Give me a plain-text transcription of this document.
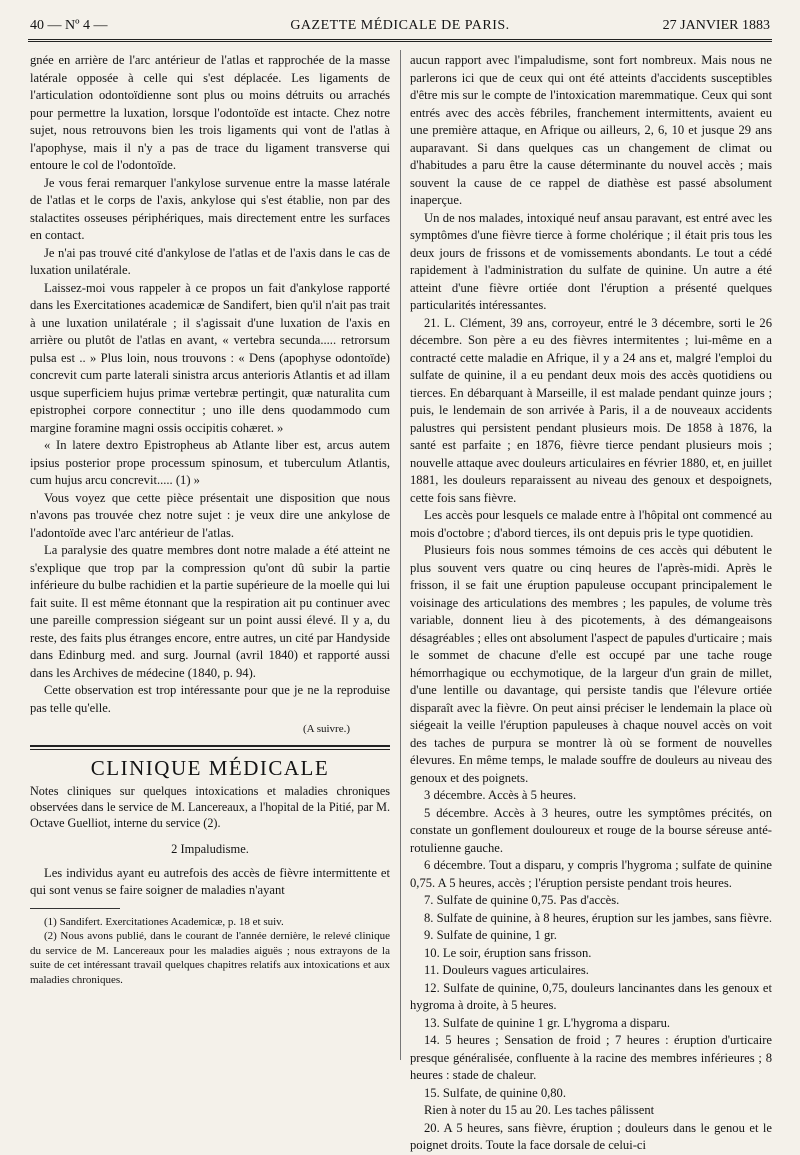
40 — Nº 4 —	GAZETTE MÉDICALE DE PARIS.	27 JANVIER 1883

gnée en arrière de l'arc antérieur de l'atlas et rapprochée de la masse latérale opposée à celle qui s'est déplacée. Les ligaments de l'articulation odontoïdienne sont plus ou moins détruits ou arrachés pour permettre la luxation, lorsque l'odontoïde est intacte. Chez notre sujet, nous retrouvons bien les trois ligaments qui vont de l'atlas à l'apophyse, mais il n'y a pas de trace du ligament transverse qui entoure le col de l'odontoïde.

Je vous ferai remarquer l'ankylose survenue entre la masse latérale de l'atlas et le corps de l'axis, ankylose qui s'est établie, non par des stalactites osseuses périphériques, mais directement entre les surfaces en contact.

Je n'ai pas trouvé cité d'ankylose de l'atlas et de l'axis dans le cas de luxation unilatérale.

Laissez-moi vous rappeler à ce propos un fait d'ankylose rapporté dans les Exercitationes academicæ de Sandifert, bien qu'il n'ait pas trait à une luxation unilatérale ; il s'agissait d'une luxation de l'axis en arrière ou plutôt de l'atlas en avant, « vertebra secunda..... retrorsum pulsa est .. » Plus loin, nous trouvons : « Dens (apophyse odontoïde) concrevit cum parte laterali sinistra arcus anterioris Atlantis et ad illam usque superficiem hujus primæ vertebræ pertingit, quæ naturalita cum epistrophei corpore connectitur ; uno ille dens quodammodo cum margine foramine magni ossis occipitis cohæret. »

« In latere dextro Epistropheus ab Atlante liber est, arcus autem ipsius posterior prope processum spinosum, et tuberculum Atlantis, cum hujus arcu concrevit..... (1) »

Vous voyez que cette pièce présentait une disposition que nous n'avons pas trouvée chez notre sujet : je veux dire une ankylose de l'adontoïde avec l'arc antérieur de l'atlas.

La paralysie des quatre membres dont notre malade a été atteint ne s'explique que trop par la compression qu'ont dû subir la partie inférieure du bulbe rachidien et la partie supérieure de la moelle qui lui fait suite. Il est même étonnant que la respiration ait pu continuer avec une pareille compression siégeant sur un point aussi élevé. Il y a, du reste, des faits plus étranges encore, entre autres, un cité par Handyside dans Edinburg med. and surg. Journal (avril 1840) et rapporté aussi dans les Archives de médecine (1840, p. 94).

Cette observation est trop intéressante pour que je ne la reproduise pas telle qu'elle.

(A suivre.)
CLINIQUE MÉDICALE

Notes cliniques sur quelques intoxications et maladies chroniques observées dans le service de M. Lancereaux, a l'hopital de la Pitié, par M. Octave Guelliot, interne du service (2).

2 Impaludisme.

Les individus ayant eu autrefois des accès de fièvre intermittente et qui sont venus se faire soigner de maladies n'ayant

(1) Sandifert. Exercitationes Academicæ, p. 18 et suiv.

(2) Nous avons publié, dans le courant de l'année dernière, le relevé clinique du service de M. Lancereaux pour les maladies aiguës ; nous extrayons de la suite de cet intéressant travail quelques chapitres relatifs aux intoxications et aux maladies chroniques.

aucun rapport avec l'impaludisme, sont fort nombreux. Mais nous ne parlerons ici que de ceux qui ont été atteints d'accidents susceptibles d'être mis sur le compte de l'intoxication maremmatique. Ceux qui sont entrés avec des accès fébriles, franchement intermittents, avaient eu une première attaque, en Afrique ou ailleurs, 2, 6, 10 et jusque 29 ans auparavant. Si dans quelques cas un changement de climat ou d'habitudes a paru être la cause déterminante du nouvel accès ; mais souvent la cause de ce rappel de diathèse est passé absolument inaperçue.

Un de nos malades, intoxiqué neuf ansau paravant, est entré avec les symptômes d'une fièvre tierce à forme cholérique ; il était pris tous les deux jours de frissons et de vomissements abondants. Le tout a cédé rapidement à l'administration du sulfate de quinine. Un autre a été atteint d'une fièvre ortiée dont l'éruption a présenté quelques particularités intéressantes.

21. L. Clément, 39 ans, corroyeur, entré le 3 décembre, sorti le 26 décembre. Son père a eu des fièvres intermitentes ; lui-même en a contracté cette maladie en Afrique, il y a 24 ans et, malgré l'emploi du sulfate de quinine, il a eu pendant deux mois des accès quotidiens ou tierces. En débarquant à Marseille, il est malade pendant quinze jours ; puis, le lendemain de son arrivée à Paris, il a de nouveaux accidents palustres qui persistent pendant plusieurs mois. De 1858 à 1876, la santé est parfaite ; en 1876, fièvre tierce pendant plusieurs mois ; nouvelle attaque avec douleurs articulaires en février 1880, et, en juillet 1881, les douleurs reparaissent au niveau des genoux et despoignets, cette fois sans fièvre.

Les accès pour lesquels ce malade entre à l'hôpital ont commencé au mois d'octobre ; d'abord tierces, ils ont depuis pris le type quotidien.

Plusieurs fois nous sommes témoins de ces accès qui débutent le plus souvent vers quatre ou cinq heures de l'après-midi. Après le frisson, il se fait une éruption papuleuse occupant principalement le voisinage des articulations des membres ; les papules, de volume très variable, donnent lieu à des picotements, à des démangeaisons désagréables ; elles ont absolument l'aspect de papules d'urticaire ; mais le sommet de chacune d'elle est occupé par une tache rouge hémorrhagique ou ecchymotique, de la largeur d'un grain de millet, d'une lentille ou davantage, qui persiste tandis que l'élevure ortiée disparaît avec la fièvre. On peut ainsi préciser le lendemain la place où siégeait la veille l'éruption papuleuses à chaque nouvel accès on voit des taches de purpura se montrer là où se forment de nouvelles élevures. En même temps, le malade souffre de douleurs au niveau des genoux et des poignets.

3 décembre. Accès à 5 heures.

5 décembre. Accès à 3 heures, outre les symptômes précités, on constate un gonflement douloureux et rouge de la bourse séreuse anté-rotulienne gauche.

6 décembre. Tout a disparu, y compris l'hygroma ; sulfate de quinine 0,75. A 5 heures, accès ; l'éruption persiste pendant trois heures.

7. Sulfate de quinine 0,75. Pas d'accès.

8. Sulfate de quinine, à 8 heures, éruption sur les jambes, sans fièvre.

9. Sulfate de quinine, 1 gr.

10. Le soir, éruption sans frisson.

11. Douleurs vagues articulaires.

12. Sulfate de quinine, 0,75, douleurs lancinantes dans les genoux et hygroma à droite, à 5 heures.

13. Sulfate de quinine 1 gr. L'hygroma a disparu.

14. 5 heures ; Sensation de froid ; 7 heures : éruption d'urticaire presque généralisée, confluente à la racine des membres inférieures ; 8 heures : stade de chaleur.

15. Sulfate, de quinine 0,80.

Rien à noter du 15 au 20. Les taches pâlissent

20. A 5 heures, sans fièvre, éruption ; douleurs dans le genou et le poignet droits. Toute la face dorsale de celui-ci
